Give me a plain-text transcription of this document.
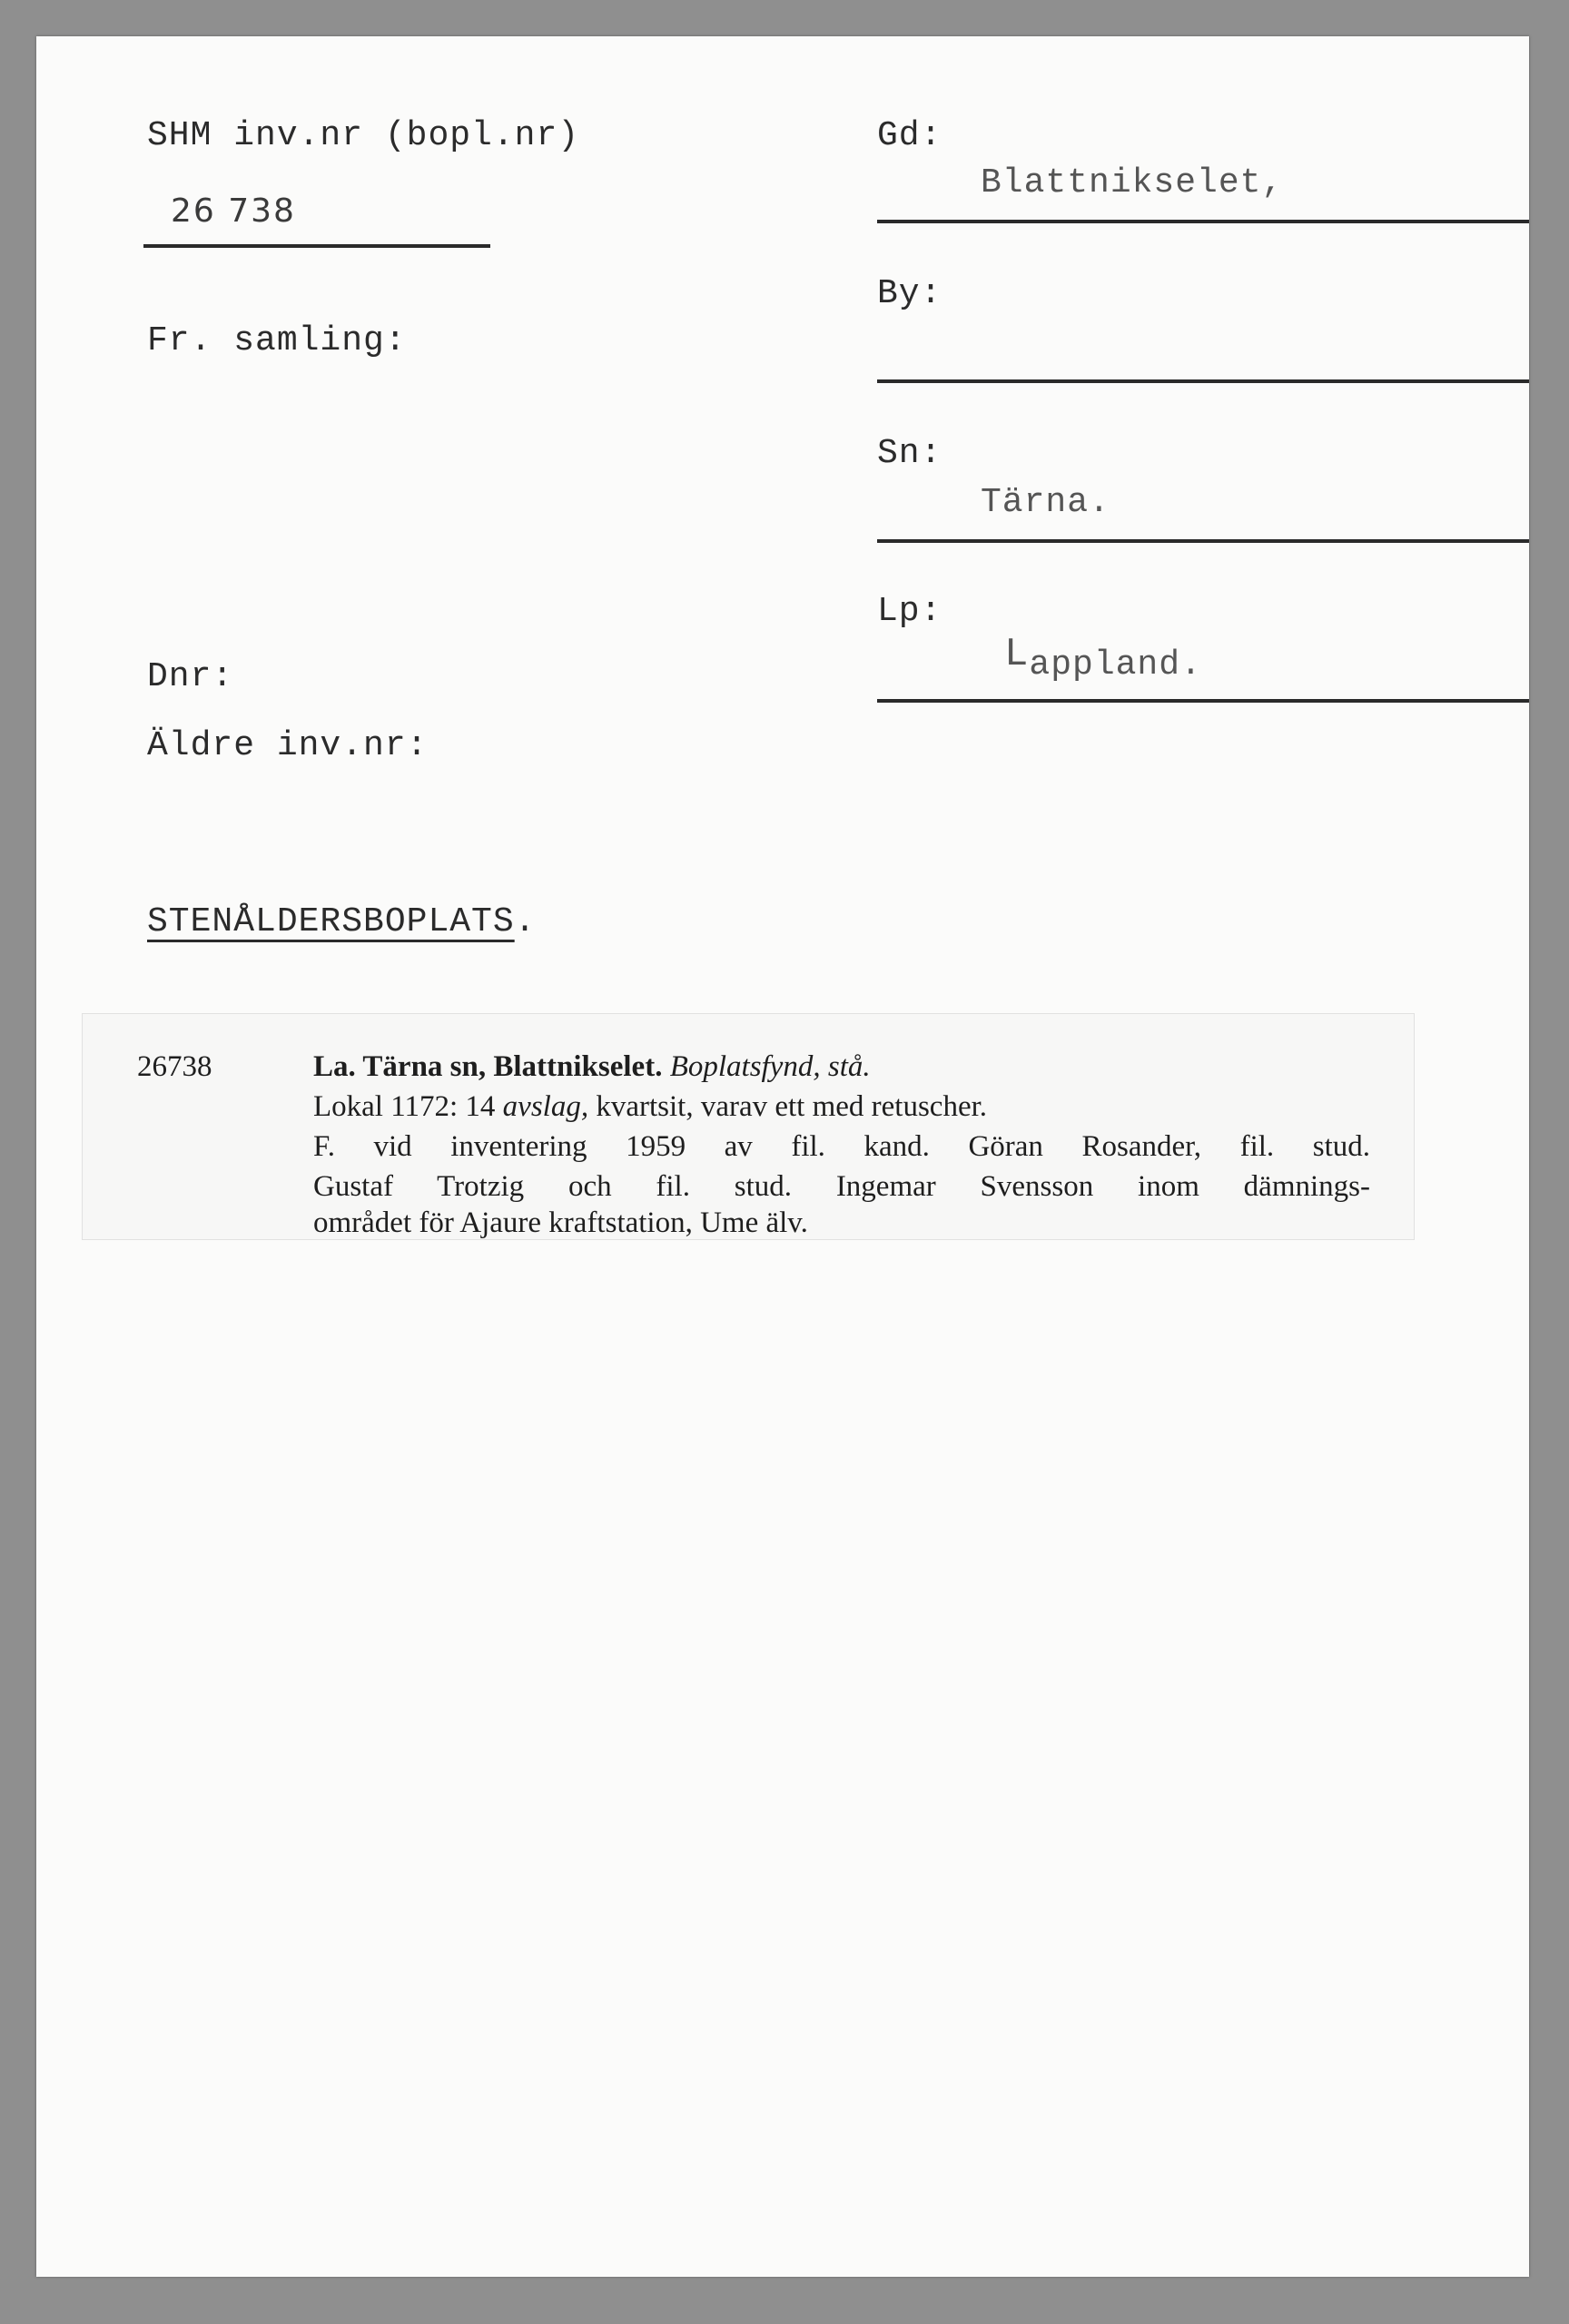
SHM inv.nr (bopl.nr)
26 738
Fr. samling:
Dnr:
Äldre inv.nr:
Gd:
Blattnikselet,
By:
Sn:
Tärna.
Lp:
Lappland.
STENÅLDERSBOPLATS.
26738	La. Tärna sn, Blattnikselet. Boplatsfynd, stå.
Lokal 1172: 14 avslag, kvartsit, varav ett med retuscher.
F. vid inventering 1959 av fil. kand. Göran Rosander, fil. stud.
Gustaf Trotzig och fil. stud. Ingemar Svensson inom dämnings-
området för Ajaure kraftstation, Ume älv.
